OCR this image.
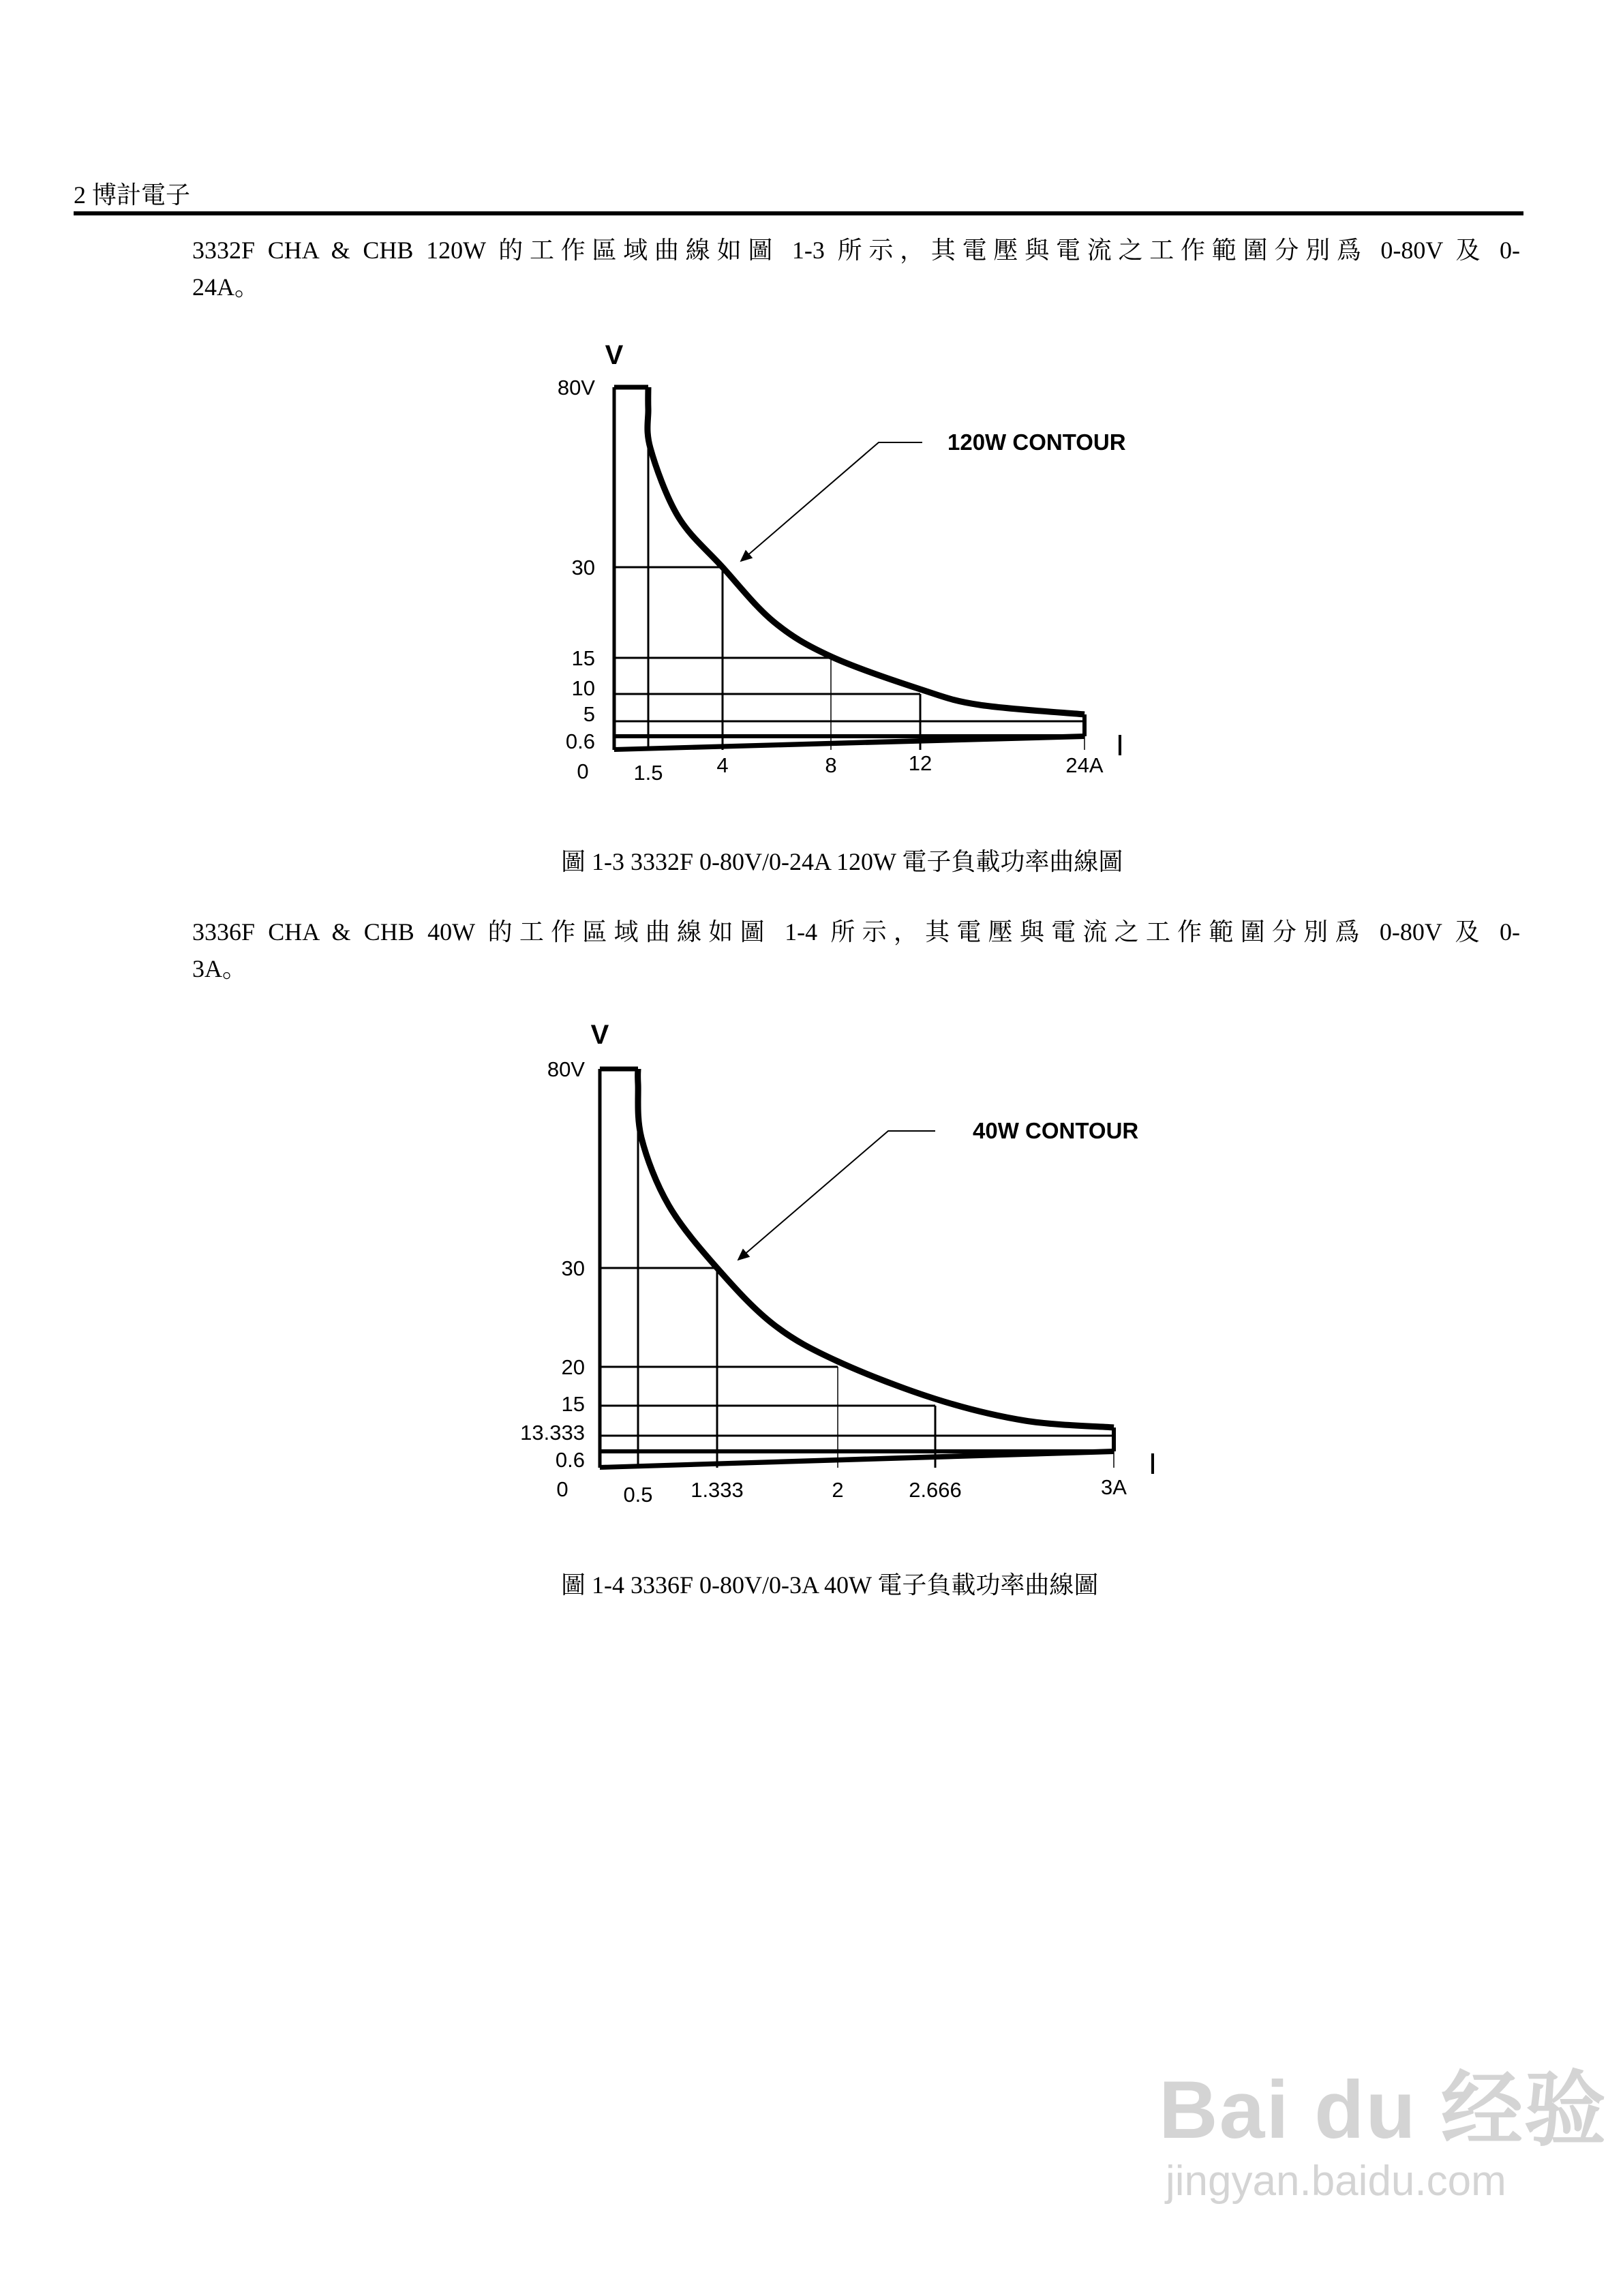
2 博計電子
3332F CHA & CHB 120W 的工作區域曲線如圖 1-3 所示，其電壓與電流之工作範圍分別爲 0-80V 及 0-
24A。
圖 1-3 3332F 0-80V/0-24A 120W 電子負載功率曲線圖
3336F CHA & CHB 40W 的工作區域曲線如圖 1-4 所示，其電壓與電流之工作範圍分別爲 0-80V 及 0-
3A。
圖 1-4 3336F 0-80V/0-3A 40W 電子負載功率曲線圖
V
I
80V
30
15
10
5
0.6
0 1.5	4	8	12	24A
120W CONTOUR
V
I
80V
30
20
15
13.333
0.6
0	0.5 1.333	2	2.666	3A
40W CONTOUR
Bai du 经验
jingyan.baidu.com
